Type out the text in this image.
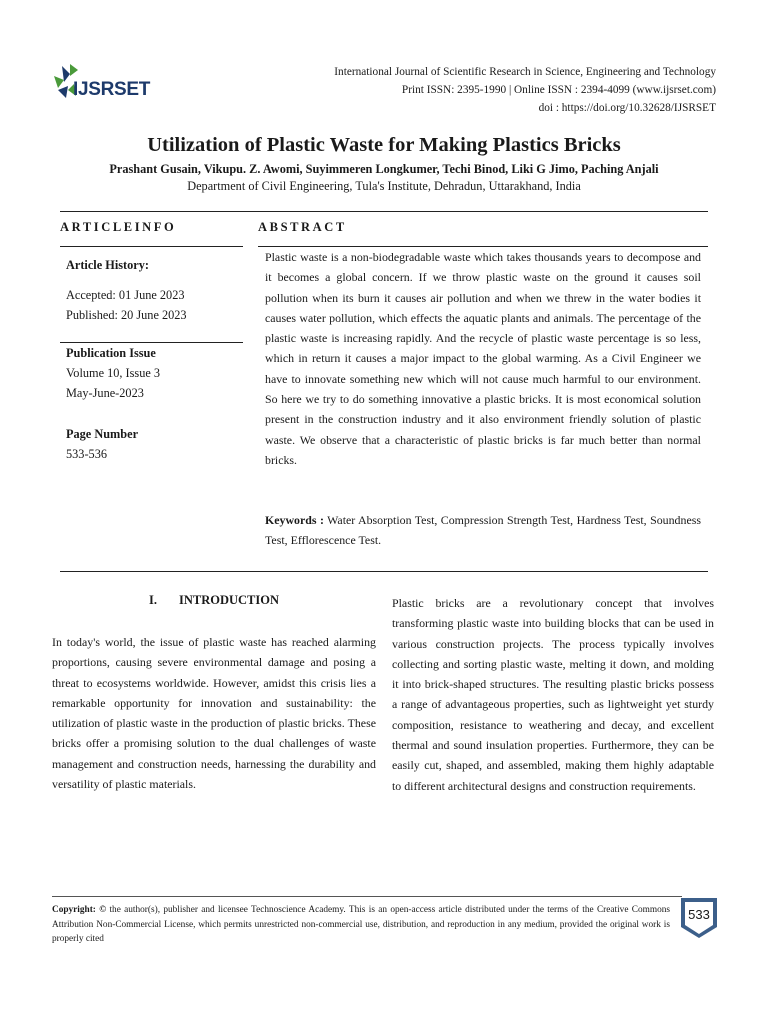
IJSRSET
International Journal of Scientific Research in Science, Engineering and Technology
Print ISSN: 2395-1990 | Online ISSN : 2394-4099 (www.ijsrset.com)
doi : https://doi.org/10.32628/IJSRSET
Utilization of Plastic Waste for Making Plastics Bricks
Prashant Gusain, Vikupu. Z. Awomi, Suyimmeren Longkumer, Techi Binod, Liki G Jimo, Paching Anjali
Department of Civil Engineering, Tula's Institute, Dehradun, Uttarakhand, India
ARTICLEINFO	ABSTRACT
Article History:
Accepted: 01 June 2023
Published: 20 June 2023
Publication Issue
Volume 10, Issue 3
May-June-2023
Page Number
533-536
Plastic waste is a non-biodegradable waste which takes thousands years to decompose and it becomes a global concern. If we throw plastic waste on the ground it causes soil pollution when its burn it causes air pollution and when we threw in the water bodies it causes water pollution, which effects the aquatic plants and animals. The percentage of the plastic waste is increasing rapidly. And the recycle of plastic waste percentage is so less, which in return it causes a major impact to the global warming. As a Civil Engineer we have to innovate something new which will not cause much harmful to our environment. So here we try to do something innovative a plastic bricks. It is most economical solution present in the construction industry and it also environment friendly solution of plastic waste. We observe that a characteristic of plastic bricks is far much better than normal bricks.
Keywords : Water Absorption Test, Compression Strength Test, Hardness Test, Soundness Test, Efflorescence Test.
I. INTRODUCTION
In today's world, the issue of plastic waste has reached alarming proportions, causing severe environmental damage and posing a threat to ecosystems worldwide. However, amidst this crisis lies a remarkable opportunity for innovation and sustainability: the utilization of plastic waste in the production of plastic bricks. These bricks offer a promising solution to the dual challenges of waste management and construction needs, harnessing the durability and versatility of plastic materials.
Plastic bricks are a revolutionary concept that involves transforming plastic waste into building blocks that can be used in various construction projects. The process typically involves collecting and sorting plastic waste, melting it down, and molding it into brick-shaped structures. The resulting plastic bricks possess a range of advantageous properties, such as lightweight yet sturdy composition, resistance to weathering and decay, and excellent thermal and sound insulation properties. Furthermore, they can be easily cut, shaped, and assembled, making them highly adaptable to different architectural designs and construction requirements.
Copyright: © the author(s), publisher and licensee Technoscience Academy. This is an open-access article distributed under the terms of the Creative Commons Attribution Non-Commercial License, which permits unrestricted non-commercial use, distribution, and reproduction in any medium, provided the original work is properly cited
533
